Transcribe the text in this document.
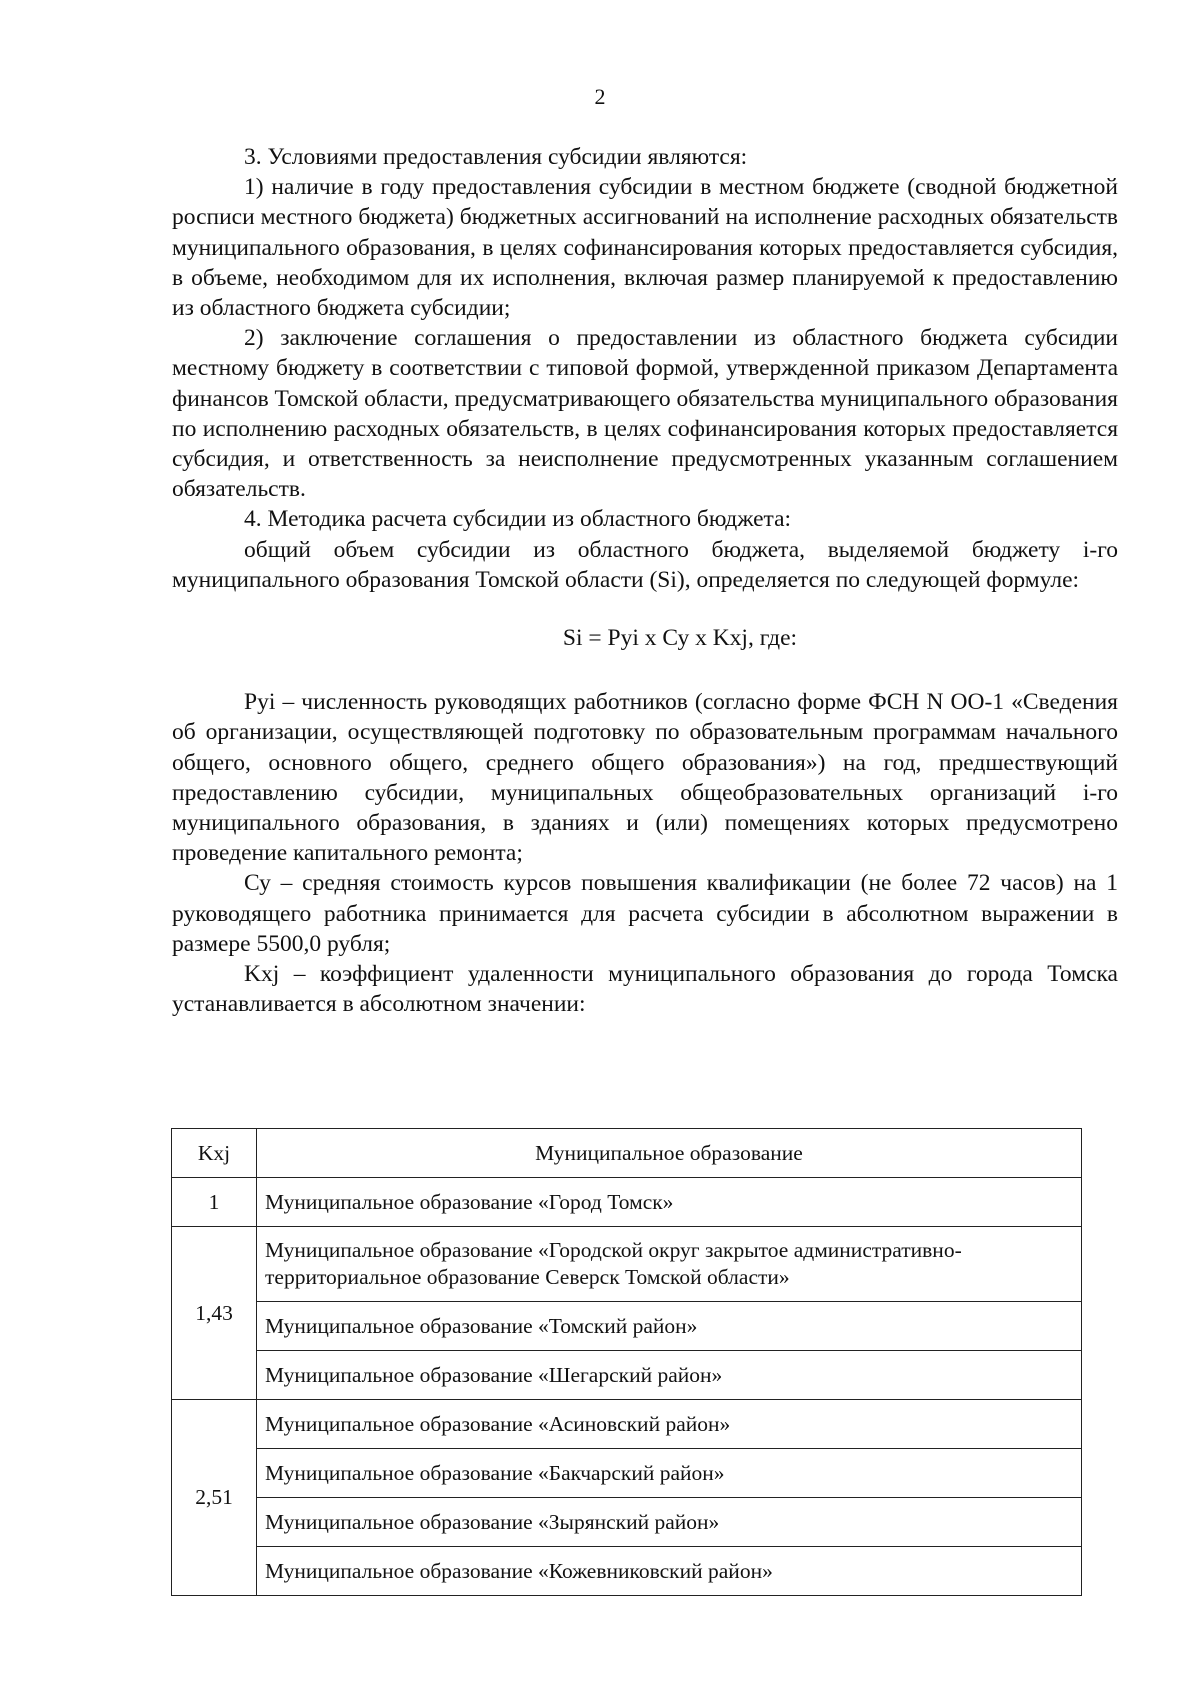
2

3. Условиями предоставления субсидии являются:

1) наличие в году предоставления субсидии в местном бюджете (сводной бюджетной росписи местного бюджета) бюджетных ассигнований на исполнение расходных обязательств муниципального образования, в целях софинансирования которых предоставляется субсидия, в объеме, необходимом для их исполнения, включая размер планируемой к предоставлению из областного бюджета субсидии;

2) заключение соглашения о предоставлении из областного бюджета субсидии местному бюджету в соответствии с типовой формой, утвержденной приказом Департамента финансов Томской области, предусматривающего обязательства муниципального образования по исполнению расходных обязательств, в целях софинансирования которых предоставляется субсидия, и ответственность за неисполнение предусмотренных указанным соглашением обязательств.

4. Методика расчета субсидии из областного бюджета:

общий объем субсидии из областного бюджета, выделяемой бюджету i-го муниципального образования Томской области (Si), определяется по следующей формуле:

Si = Руi x Су x Kхj, где:

Руi – численность руководящих работников (согласно форме ФСН N ОО-1 «Сведения об организации, осуществляющей подготовку по образовательным программам начального общего, основного общего, среднего общего образования») на год, предшествующий предоставлению субсидии, муниципальных общеобразовательных организаций i-го муниципального образования, в зданиях и (или) помещениях которых предусмотрено проведение капитального ремонта;

Су – средняя стоимость курсов повышения квалификации (не более 72 часов) на 1 руководящего работника принимается для расчета субсидии в абсолютном выражении в размере 5500,0 рубля;

Kхj – коэффициент удаленности муниципального образования до города Томска устанавливается в абсолютном значении:

Kхj	Муниципальное образование
1	Муниципальное образование «Город Томск»
1,43	Муниципальное образование «Городской округ закрытое административно-территориальное образование Северск Томской области»
	Муниципальное образование «Томский район»
	Муниципальное образование «Шегарский район»
2,51	Муниципальное образование «Асиновский район»
	Муниципальное образование «Бакчарский район»
	Муниципальное образование «Зырянский район»
	Муниципальное образование «Кожевниковский район»
